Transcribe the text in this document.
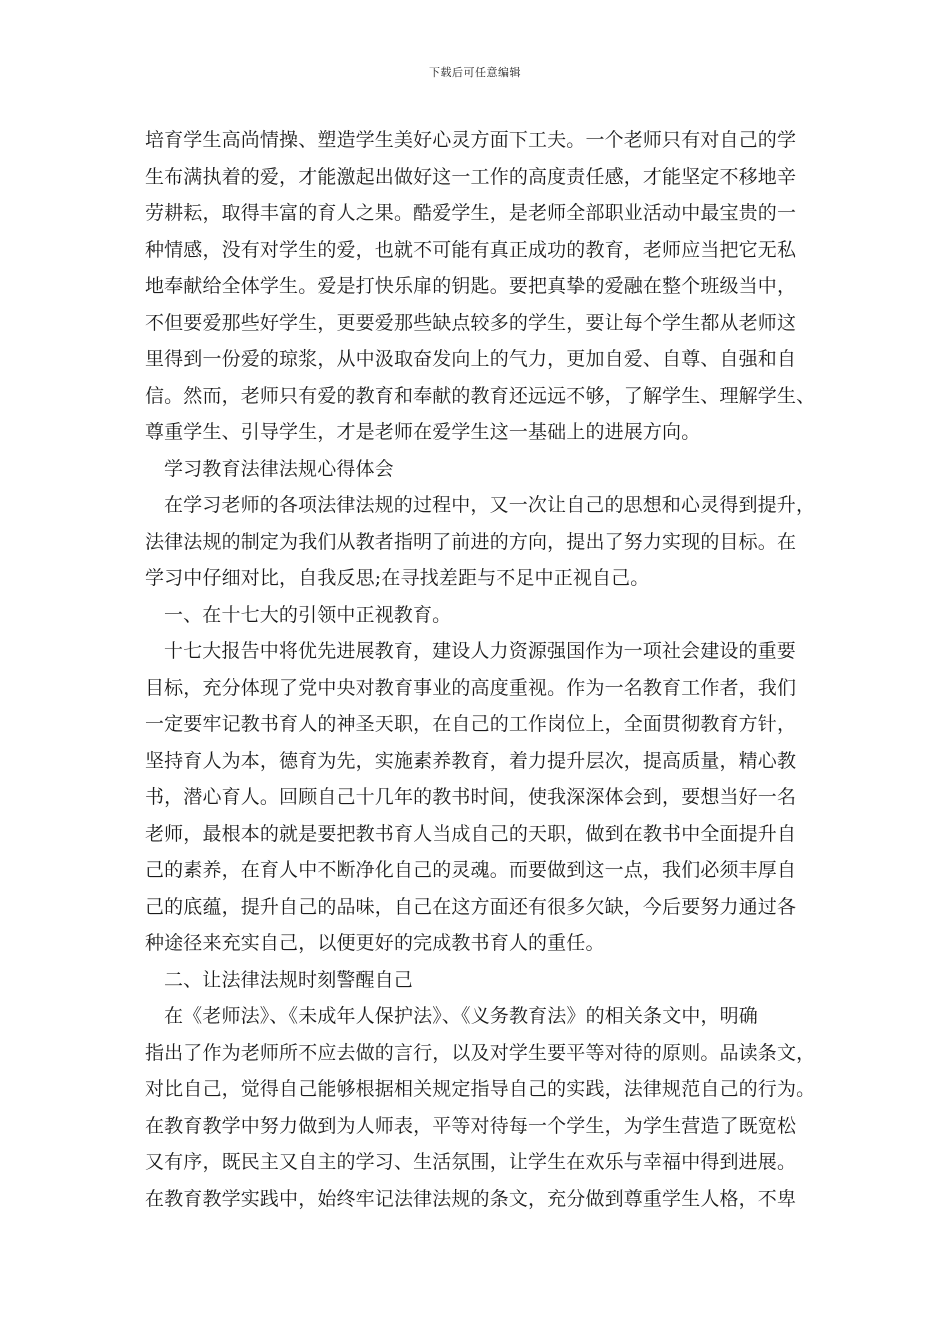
下载后可任意编辑
培育学生高尚情操、塑造学生美好心灵方面下工夫。一个老师只有对自己的学
生布满执着的爱，才能激起出做好这一工作的高度责任感，才能坚定不移地辛
劳耕耘，取得丰富的育人之果。酷爱学生，是老师全部职业活动中最宝贵的一
种情感，没有对学生的爱，也就不可能有真正成功的教育，老师应当把它无私
地奉献给全体学生。爱是打快乐扉的钥匙。要把真挚的爱融在整个班级当中，
不但要爱那些好学生，更要爱那些缺点较多的学生，要让每个学生都从老师这
里得到一份爱的琼浆，从中汲取奋发向上的气力，更加自爱、自尊、自强和自
信。然而，老师只有爱的教育和奉献的教育还远远不够，了解学生、理解学生、
尊重学生、引导学生，才是老师在爱学生这一基础上的进展方向。
学习教育法律法规心得体会
在学习老师的各项法律法规的过程中，又一次让自己的思想和心灵得到提升，
法律法规的制定为我们从教者指明了前进的方向，提出了努力实现的目标。在
学习中仔细对比，自我反思;在寻找差距与不足中正视自己。
一、在十七大的引领中正视教育。
十七大报告中将优先进展教育，建设人力资源强国作为一项社会建设的重要
目标，充分体现了党中央对教育事业的高度重视。作为一名教育工作者，我们
一定要牢记教书育人的神圣天职，在自己的工作岗位上，全面贯彻教育方针，
坚持育人为本，德育为先，实施素养教育，着力提升层次，提高质量，精心教
书，潜心育人。回顾自己十几年的教书时间，使我深深体会到，要想当好一名
老师，最根本的就是要把教书育人当成自己的天职，做到在教书中全面提升自
己的素养，在育人中不断净化自己的灵魂。而要做到这一点，我们必须丰厚自
己的底蕴，提升自己的品味，自己在这方面还有很多欠缺，今后要努力通过各
种途径来充实自己，以便更好的完成教书育人的重任。
二、让法律法规时刻警醒自己
在《老师法》、《未成年人保护法》、《义务教育法》的相关条文中，明确
指出了作为老师所不应去做的言行，以及对学生要平等对待的原则。品读条文，
对比自己，觉得自己能够根据相关规定指导自己的实践，法律规范自己的行为。
在教育教学中努力做到为人师表，平等对待每一个学生，为学生营造了既宽松
又有序，既民主又自主的学习、生活氛围，让学生在欢乐与幸福中得到进展。
在教育教学实践中，始终牢记法律法规的条文，充分做到尊重学生人格，不卑
